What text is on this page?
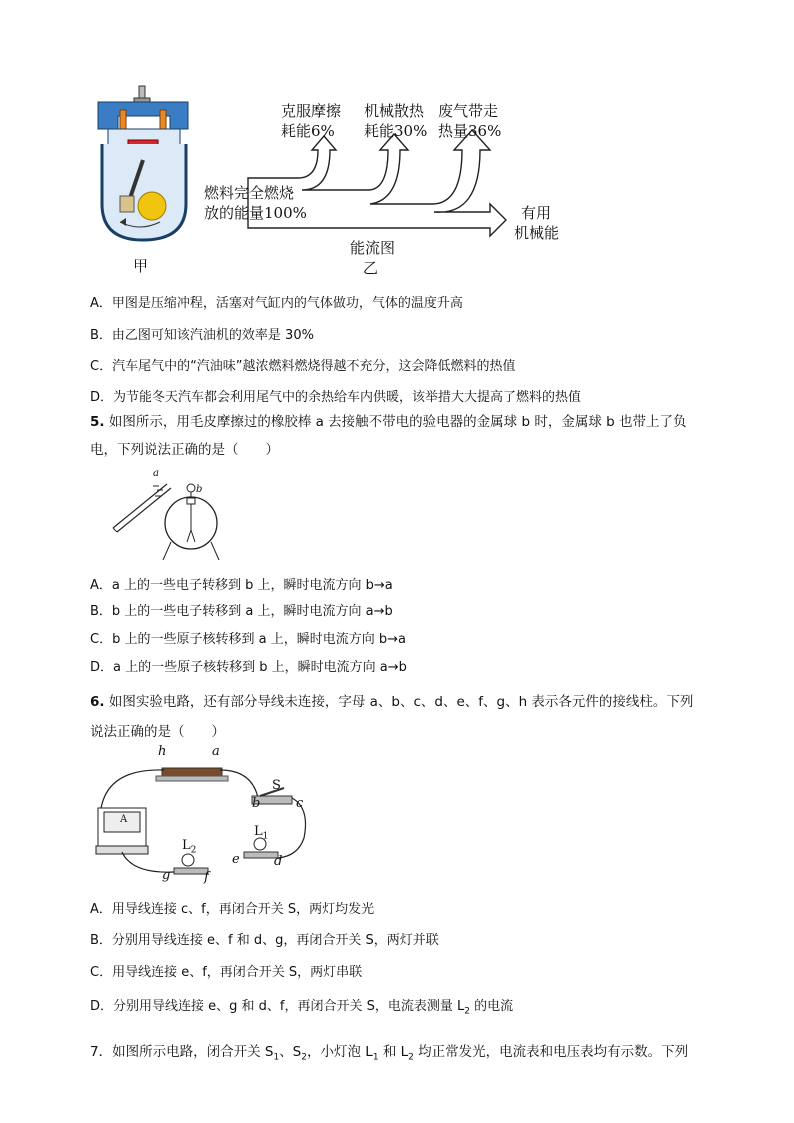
甲
燃料完全燃烧
放的能量100%
克服摩擦
耗能6%
机械散热
耗能30%
废气带走
热量36%
有用
机械能
能流图
乙
A．甲图是压缩冲程，活塞对气缸内的气体做功，气体的温度升高
B．由乙图可知该汽油机的效率是 30%
C．汽车尾气中的“汽油味”越浓燃料燃烧得越不充分，这会降低燃料的热值
D．为节能冬天汽车都会利用尾气中的余热给车内供暖，该举措大大提高了燃料的热值
5. 如图所示，用毛皮摩擦过的橡胶棒 a 去接触不带电的验电器的金属球 b 时，金属球 b 也带上了负
电，下列说法正确的是（　　）
a
b
A．a 上的一些电子转移到 b 上，瞬时电流方向 b→a
B．b 上的一些电子转移到 a 上，瞬时电流方向 a→b
C．b 上的一些原子核转移到 a 上，瞬时电流方向 b→a
D．a 上的一些原子核转移到 b 上，瞬时电流方向 a→b
6. 如图实验电路，还有部分导线未连接，字母 a、b、c、d、e、f、g、h 表示各元件的接线柱。下列
说法正确的是（　　）
h	a
S
b	c
$L_1$
$L_2$
e	d
g	f
A
A．用导线连接 c、f，再闭合开关 S，两灯均发光
B．分别用导线连接 e、f 和 d、g，再闭合开关 S，两灯并联
C．用导线连接 e、f，再闭合开关 S，两灯串联
D．分别用导线连接 e、g 和 d、f，再闭合开关 S，电流表测量 $L_2$ 的电流
7．如图所示电路，闭合开关 $S_1$、$S_2$，小灯泡 $L_1$ 和 $L_2$ 均正常发光，电流表和电压表均有示数。下列
